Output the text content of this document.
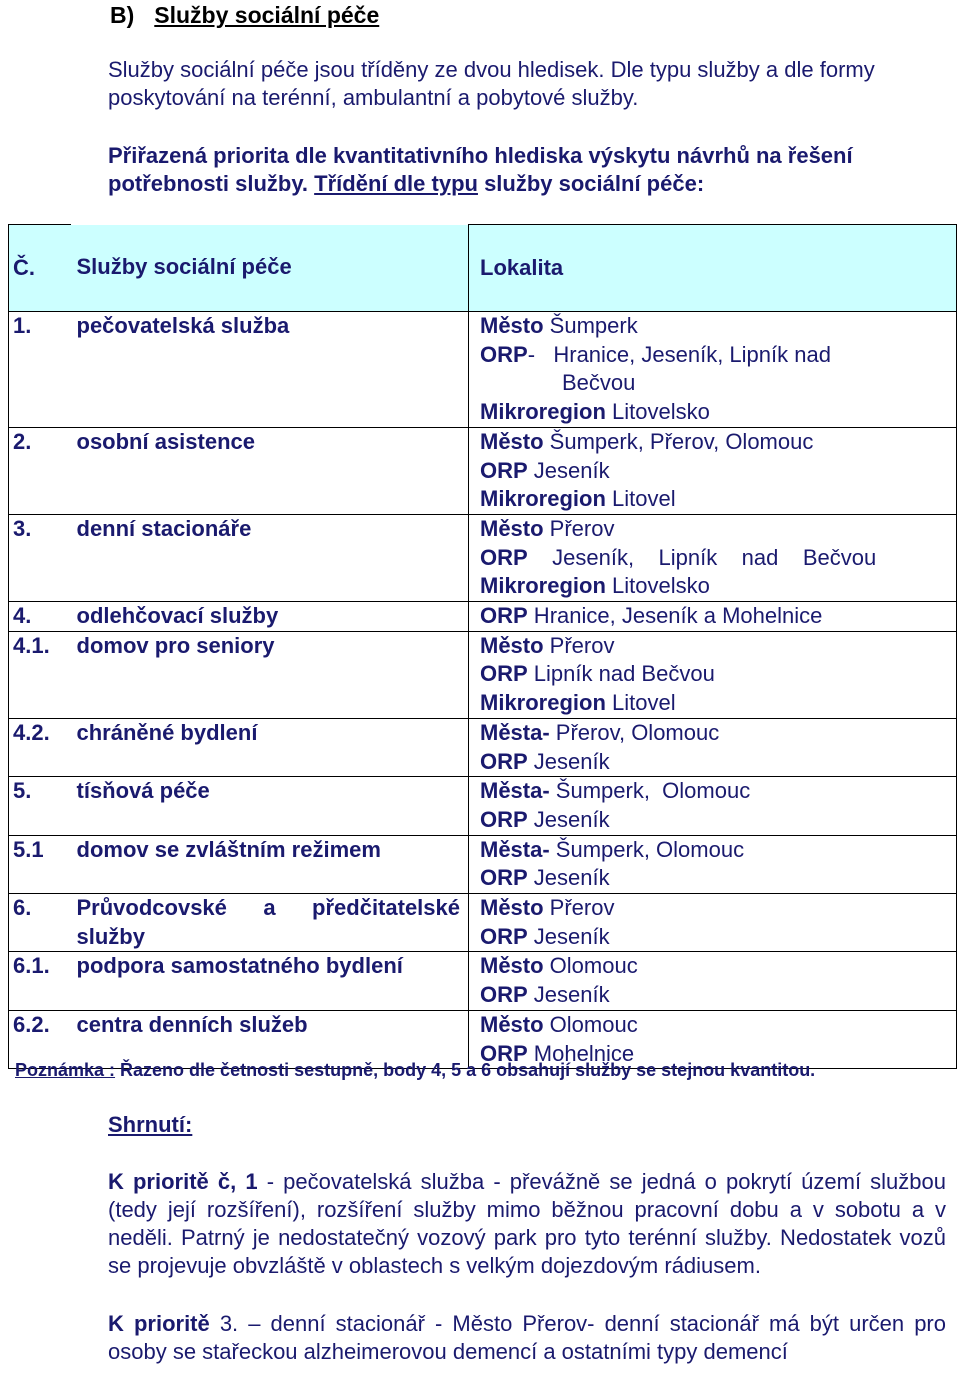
B) Služby sociální péče
Služby sociální péče jsou tříděny ze dvou hledisek. Dle typu služby a dle formy poskytování na terénní, ambulantní a pobytové služby.
Přiřazená priorita dle kvantitativního hlediska výskytu návrhů na řešení potřebnosti služby. Třídění dle typu služby sociální péče:
Č.	Služby sociální péče	Lokalita
1.	pečovatelská služba	Město Šumperk
ORP-   Hranice, Jeseník, Lipník nad
Bečvou
Mikroregion Litovelsko

2.	osobní asistence	Město Šumperk, Přerov, Olomouc
ORP Jeseník
Mikroregion Litovel

3.	denní stacionáře	Město Přerov
ORP    Jeseník,    Lipník    nad    Bečvou
Mikroregion Litovelsko

4.	odlehčovací služby	ORP Hranice, Jeseník a Mohelnice

4.1.	domov pro seniory	Město Přerov
ORP Lipník nad Bečvou
Mikroregion Litovel

4.2.	chráněné bydlení	Města- Přerov, Olomouc
ORP Jeseník

5.	tísňová péče	Města- Šumperk,  Olomouc
ORP Jeseník

5.1	domov se zvláštním režimem	Města- Šumperk, Olomouc
ORP Jeseník

6.	Průvodcovské a předčitatelské služby	Město Přerov
ORP Jeseník

6.1.	podpora samostatného bydlení	Město Olomouc
ORP Jeseník

6.2.	centra denních služeb	Město Olomouc
ORP Mohelnice
Poznámka : Řazeno dle četnosti sestupně, body 4, 5 a 6 obsahují služby se stejnou kvantitou.
Shrnutí:
K prioritě č, 1 - pečovatelská služba - převážně se jedná o pokrytí území službou (tedy její rozšíření), rozšíření služby mimo běžnou pracovní dobu a v sobotu a v neděli. Patrný je nedostatečný vozový park pro tyto terénní služby. Nedostatek vozů se projevuje obvzláště v oblastech s velkým dojezdovým rádiusem.
K prioritě 3. – denní stacionář - Město Přerov- denní stacionář má být určen pro osoby se stařeckou alzheimerovou demencí a ostatními typy demencí
